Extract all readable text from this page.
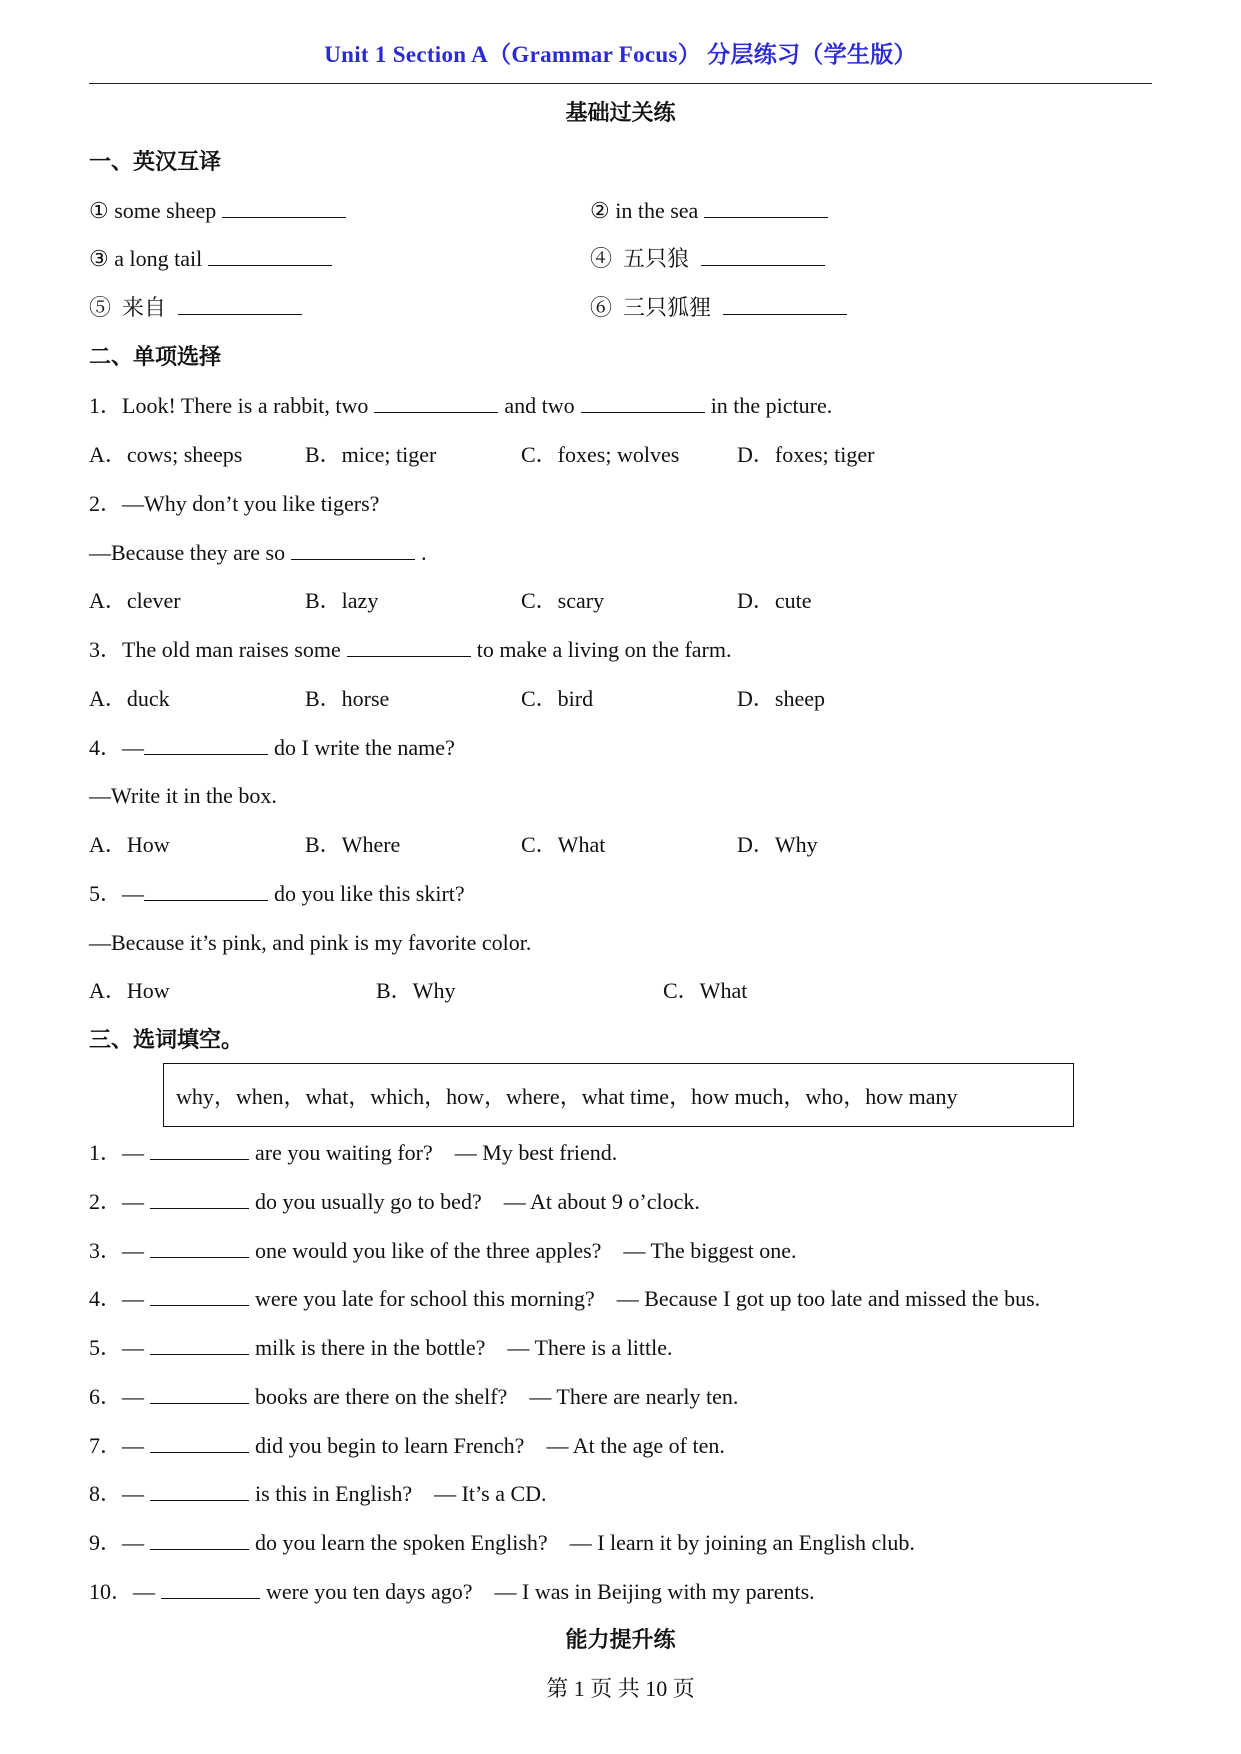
Unit 1 Section A（Grammar Focus） 分层练习（学生版）
基础过关练
一、英汉互译
① some sheep	② in the sea
③ a long tail	④ 五只狼
⑤ 来自	⑥ 三只狐狸
二、单项选择
1．Look! There is a rabbit, two	and two	in the picture.
A．cows; sheeps	B．mice; tiger	C．foxes; wolves	D．foxes; tiger
2．—Why don’t you like tigers?
—Because they are so	.
A．clever	B．lazy	C．scary	D．cute
3．The old man raises some	to make a living on the farm.
A．duck	B．horse	C．bird	D．sheep
4．—	do I write the name?
—Write it in the box.
A．How	B．Where	C．What	D．Why
5．—	do you like this skirt?
—Because it’s pink, and pink is my favorite color.
A．How	B．Why	C．What
三、选词填空。
why，when，what，which，how，where，what time，how much，who，how many
1．—	are you waiting for? — My best friend.
2．—	do you usually go to bed? — At about 9 o’clock.
3．—	one would you like of the three apples? — The biggest one.
4．—	were you late for school this morning? — Because I got up too late and missed the bus.
5．—	milk is there in the bottle? — There is a little.
6．—	books are there on the shelf? — There are nearly ten.
7．—	did you begin to learn French? — At the age of ten.
8．—	is this in English? — It’s a CD.
9．—	do you learn the spoken English? — I learn it by joining an English club.
10．—	were you ten days ago? — I was in Beijing with my parents.
能力提升练
第 1 页 共 10 页
